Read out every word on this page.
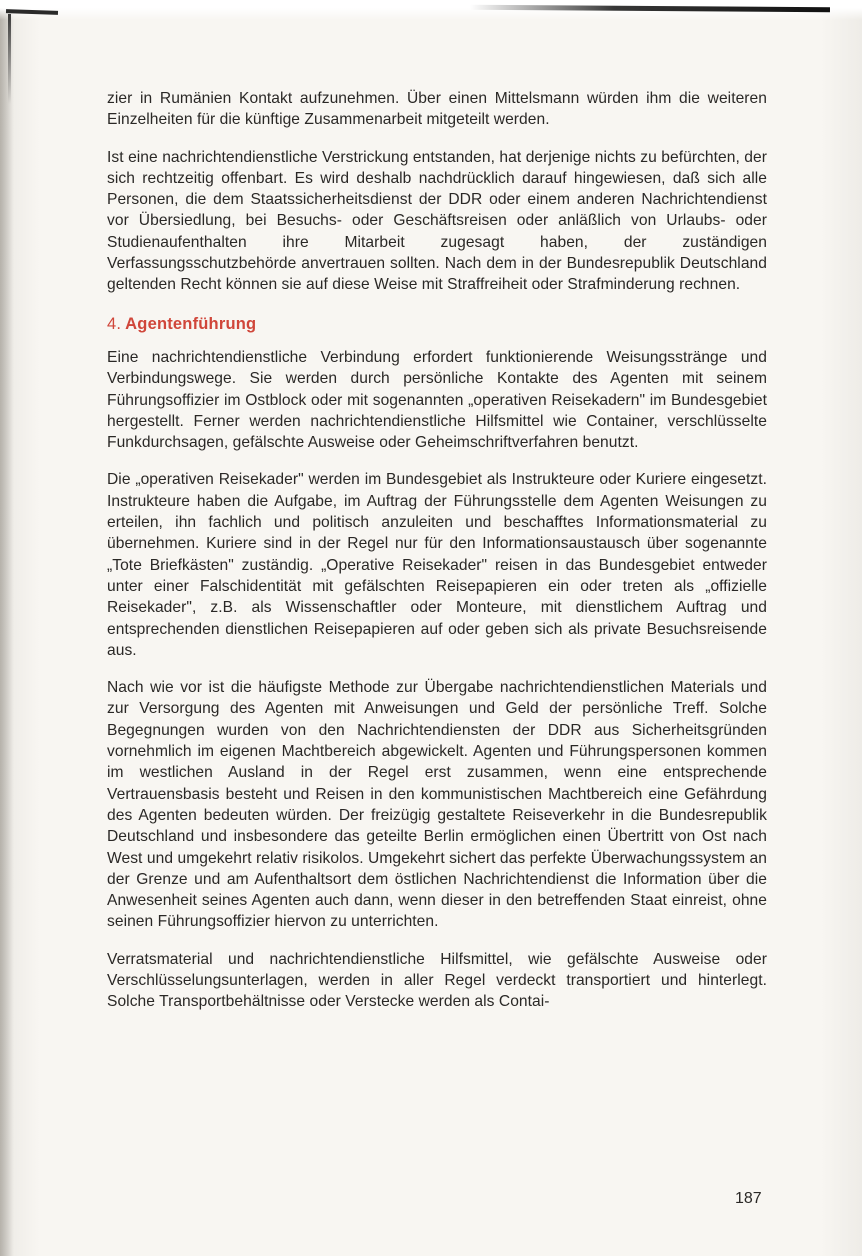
zier in Rumänien Kontakt aufzunehmen. Über einen Mittelsmann würden ihm die weiteren Einzelheiten für die künftige Zusammenarbeit mitgeteilt werden.

Ist eine nachrichtendienstliche Verstrickung entstanden, hat derjenige nichts zu befürchten, der sich rechtzeitig offenbart. Es wird deshalb nachdrücklich darauf hingewiesen, daß sich alle Personen, die dem Staatssicherheitsdienst der DDR oder einem anderen Nachrichtendienst vor Übersiedlung, bei Besuchs- oder Geschäftsreisen oder anläßlich von Urlaubs- oder Studienaufenthalten ihre Mitarbeit zugesagt haben, der zuständigen Verfassungsschutzbehörde anvertrauen sollten. Nach dem in der Bundesrepublik Deutschland geltenden Recht können sie auf diese Weise mit Straffreiheit oder Strafminderung rechnen.

4. Agentenführung

Eine nachrichtendienstliche Verbindung erfordert funktionierende Weisungsstränge und Verbindungswege. Sie werden durch persönliche Kontakte des Agenten mit seinem Führungsoffizier im Ostblock oder mit sogenannten „operativen Reisekadern" im Bundesgebiet hergestellt. Ferner werden nachrichtendienstliche Hilfsmittel wie Container, verschlüsselte Funkdurchsagen, gefälschte Ausweise oder Geheimschriftverfahren benutzt.

Die „operativen Reisekader" werden im Bundesgebiet als Instrukteure oder Kuriere eingesetzt. Instrukteure haben die Aufgabe, im Auftrag der Führungsstelle dem Agenten Weisungen zu erteilen, ihn fachlich und politisch anzuleiten und beschafftes Informationsmaterial zu übernehmen. Kuriere sind in der Regel nur für den Informationsaustausch über sogenannte „Tote Briefkästen" zuständig. „Operative Reisekader" reisen in das Bundesgebiet entweder unter einer Falschidentität mit gefälschten Reisepapieren ein oder treten als „offizielle Reisekader", z.B. als Wissenschaftler oder Monteure, mit dienstlichem Auftrag und entsprechenden dienstlichen Reisepapieren auf oder geben sich als private Besuchsreisende aus.

Nach wie vor ist die häufigste Methode zur Übergabe nachrichtendienstlichen Materials und zur Versorgung des Agenten mit Anweisungen und Geld der persönliche Treff. Solche Begegnungen wurden von den Nachrichtendiensten der DDR aus Sicherheitsgründen vornehmlich im eigenen Machtbereich abgewickelt. Agenten und Führungspersonen kommen im westlichen Ausland in der Regel erst zusammen, wenn eine entsprechende Vertrauensbasis besteht und Reisen in den kommunistischen Machtbereich eine Gefährdung des Agenten bedeuten würden. Der freizügig gestaltete Reiseverkehr in die Bundesrepublik Deutschland und insbesondere das geteilte Berlin ermöglichen einen Übertritt von Ost nach West und umgekehrt relativ risikolos. Umgekehrt sichert das perfekte Überwachungssystem an der Grenze und am Aufenthaltsort dem östlichen Nachrichtendienst die Information über die Anwesenheit seines Agenten auch dann, wenn dieser in den betreffenden Staat einreist, ohne seinen Führungsoffizier hiervon zu unterrichten.

Verratsmaterial und nachrichtendienstliche Hilfsmittel, wie gefälschte Ausweise oder Verschlüsselungsunterlagen, werden in aller Regel verdeckt transportiert und hinterlegt. Solche Transportbehältnisse oder Verstecke werden als Contai-

187
